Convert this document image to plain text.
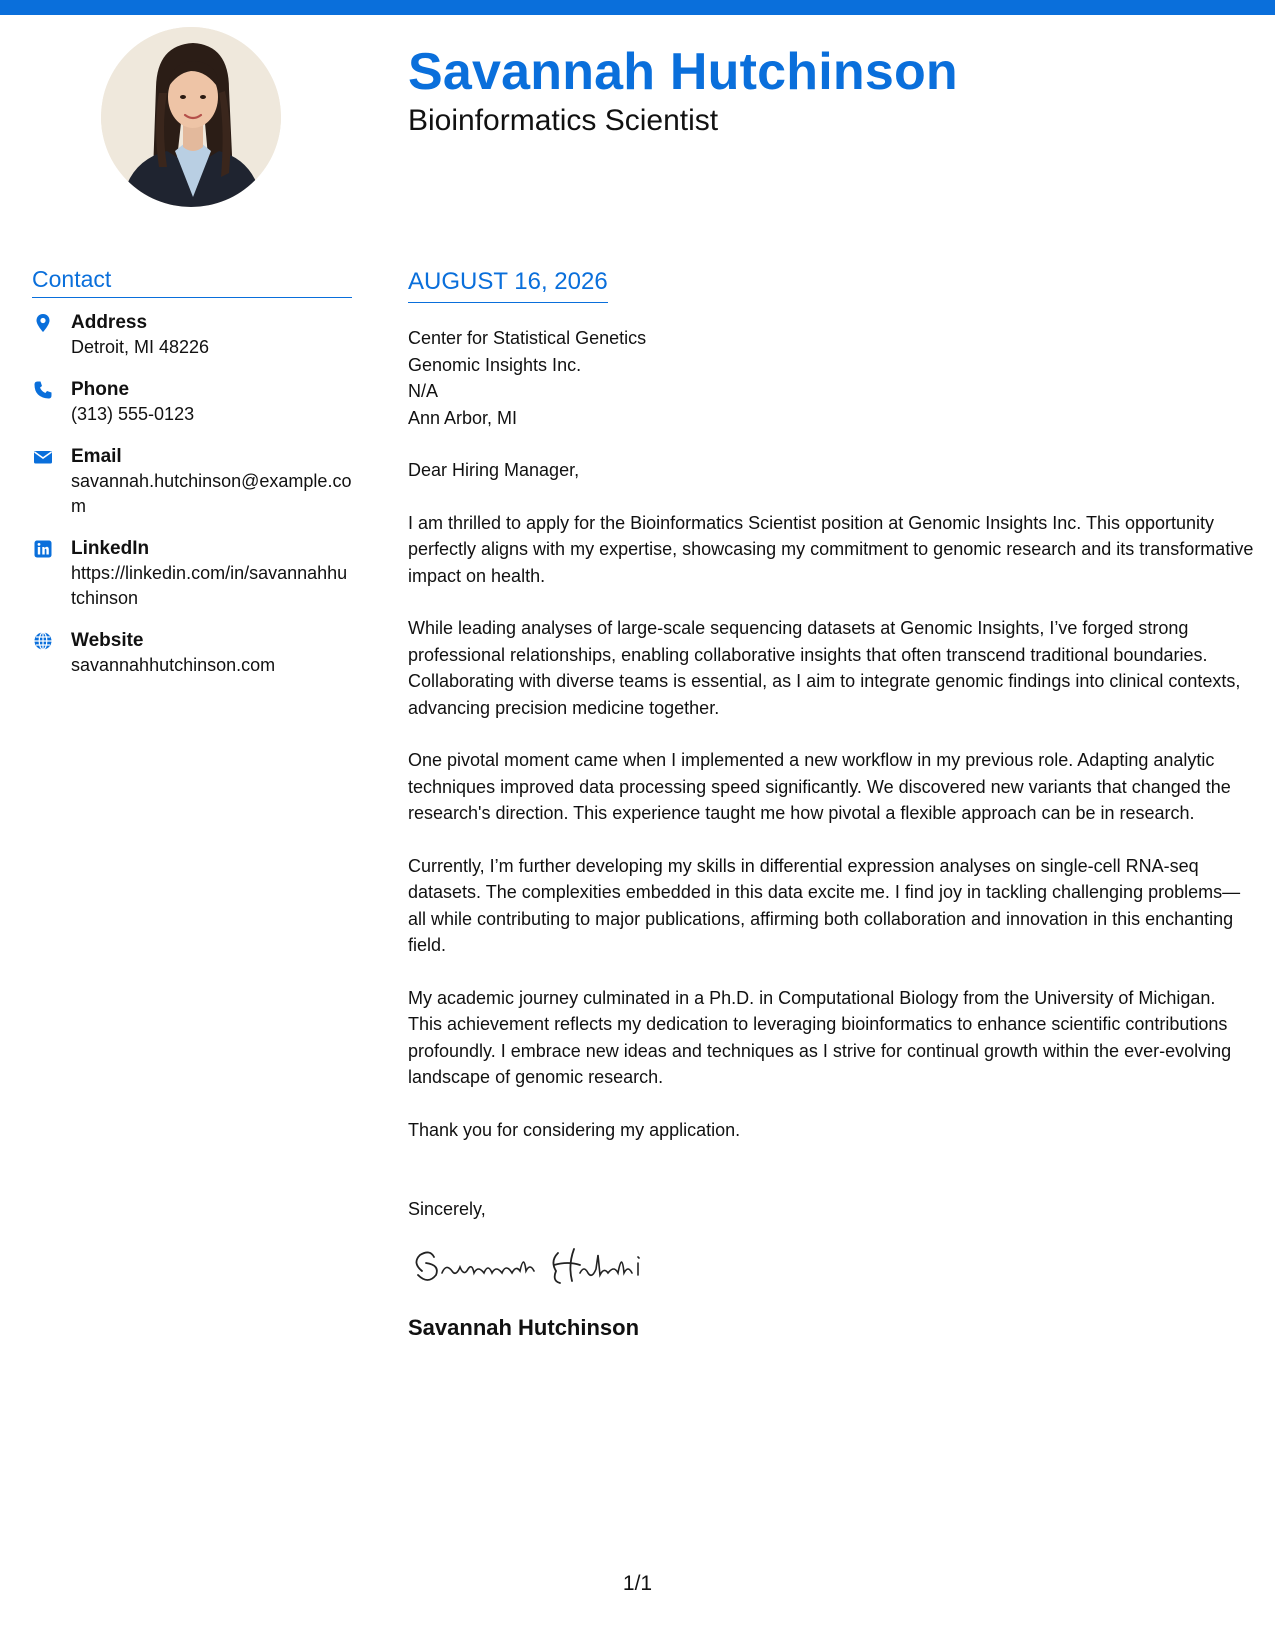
Savannah Hutchinson
Bioinformatics Scientist
Contact
Address
Detroit, MI 48226
Phone
(313) 555-0123
Email
savannah.hutchinson@example.com
LinkedIn
https://linkedin.com/in/savannahhutchinson
Website
savannahhutchinson.com
AUGUST 16, 2026
Center for Statistical Genetics
Genomic Insights Inc.
N/A
Ann Arbor, MI
Dear Hiring Manager,
I am thrilled to apply for the Bioinformatics Scientist position at Genomic Insights Inc. This opportunity perfectly aligns with my expertise, showcasing my commitment to genomic research and its transformative impact on health.
While leading analyses of large-scale sequencing datasets at Genomic Insights, I’ve forged strong professional relationships, enabling collaborative insights that often transcend traditional boundaries. Collaborating with diverse teams is essential, as I aim to integrate genomic findings into clinical contexts, advancing precision medicine together.
One pivotal moment came when I implemented a new workflow in my previous role. Adapting analytic techniques improved data processing speed significantly. We discovered new variants that changed the research's direction. This experience taught me how pivotal a flexible approach can be in research.
Currently, I’m further developing my skills in differential expression analyses on single-cell RNA-seq datasets. The complexities embedded in this data excite me. I find joy in tackling challenging problems—all while contributing to major publications, affirming both collaboration and innovation in this enchanting field.
My academic journey culminated in a Ph.D. in Computational Biology from the University of Michigan. This achievement reflects my dedication to leveraging bioinformatics to enhance scientific contributions profoundly. I embrace new ideas and techniques as I strive for continual growth within the ever-evolving landscape of genomic research.
Thank you for considering my application.
Sincerely,
Savannah Hutchinson
1/1
